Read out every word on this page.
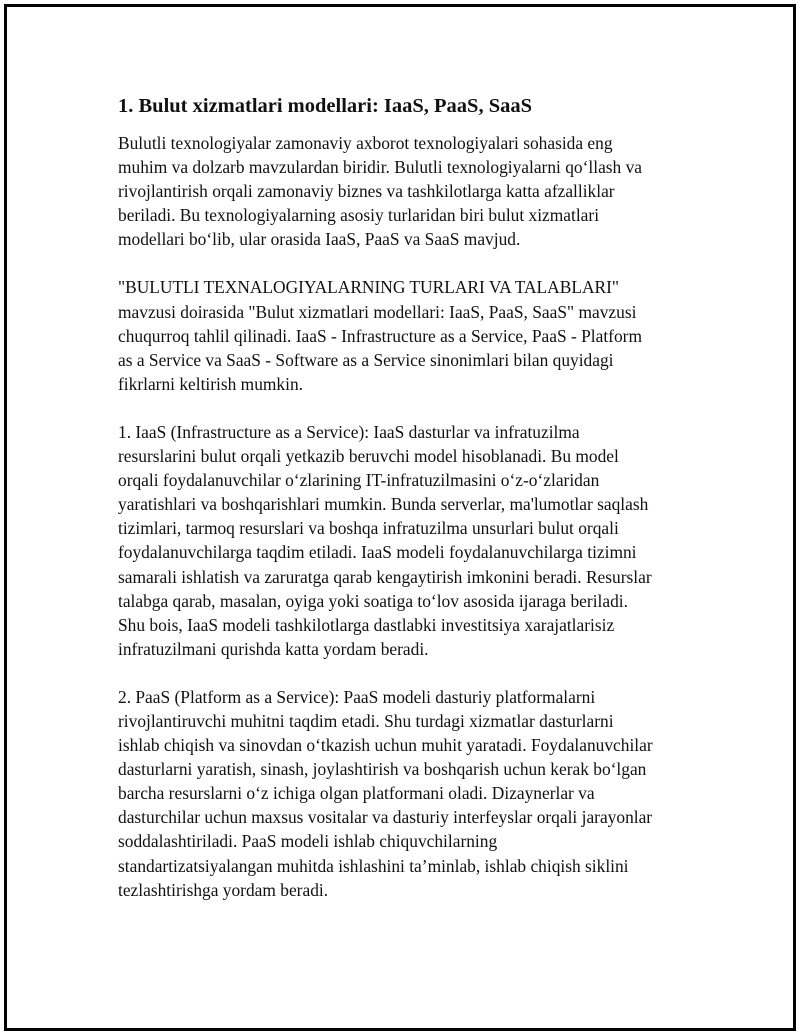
1. Bulut xizmatlari modellari: IaaS, PaaS, SaaS
Bulutli texnologiyalar zamonaviy axborot texnologiyalari sohasida eng
muhim va dolzarb mavzulardan biridir. Bulutli texnologiyalarni qo‘llash va
rivojlantirish orqali zamonaviy biznes va tashkilotlarga katta afzalliklar
beriladi. Bu texnologiyalarning asosiy turlaridan biri bulut xizmatlari
modellari bo‘lib, ular orasida IaaS, PaaS va SaaS mavjud.
"BULUTLI TEXNALOGIYALARNING TURLARI VA TALABLARI"
mavzusi doirasida "Bulut xizmatlari modellari: IaaS, PaaS, SaaS" mavzusi
chuqurroq tahlil qilinadi. IaaS - Infrastructure as a Service, PaaS - Platform
as a Service va SaaS - Software as a Service sinonimlari bilan quyidagi
fikrlarni keltirish mumkin.
1. IaaS (Infrastructure as a Service): IaaS dasturlar va infratuzilma
resurslarini bulut orqali yetkazib beruvchi model hisoblanadi. Bu model
orqali foydalanuvchilar o‘zlarining IT-infratuzilmasini o‘z-o‘zlaridan
yaratishlari va boshqarishlari mumkin. Bunda serverlar, ma'lumotlar saqlash
tizimlari, tarmoq resurslari va boshqa infratuzilma unsurlari bulut orqali
foydalanuvchilarga taqdim etiladi. IaaS modeli foydalanuvchilarga tizimni
samarali ishlatish va zaruratga qarab kengaytirish imkonini beradi. Resurslar
talabga qarab, masalan, oyiga yoki soatiga to‘lov asosida ijaraga beriladi.
Shu bois, IaaS modeli tashkilotlarga dastlabki investitsiya xarajatlarisiz
infratuzilmani qurishda katta yordam beradi.
2. PaaS (Platform as a Service): PaaS modeli dasturiy platformalarni
rivojlantiruvchi muhitni taqdim etadi. Shu turdagi xizmatlar dasturlarni
ishlab chiqish va sinovdan o‘tkazish uchun muhit yaratadi. Foydalanuvchilar
dasturlarni yaratish, sinash, joylashtirish va boshqarish uchun kerak bo‘lgan
barcha resurslarni o‘z ichiga olgan platformani oladi. Dizaynerlar va
dasturchilar uchun maxsus vositalar va dasturiy interfeyslar orqali jarayonlar
soddalashtiriladi. PaaS modeli ishlab chiquvchilarning
standartizatsiyalangan muhitda ishlashini ta’minlab, ishlab chiqish siklini
tezlashtirishga yordam beradi.
